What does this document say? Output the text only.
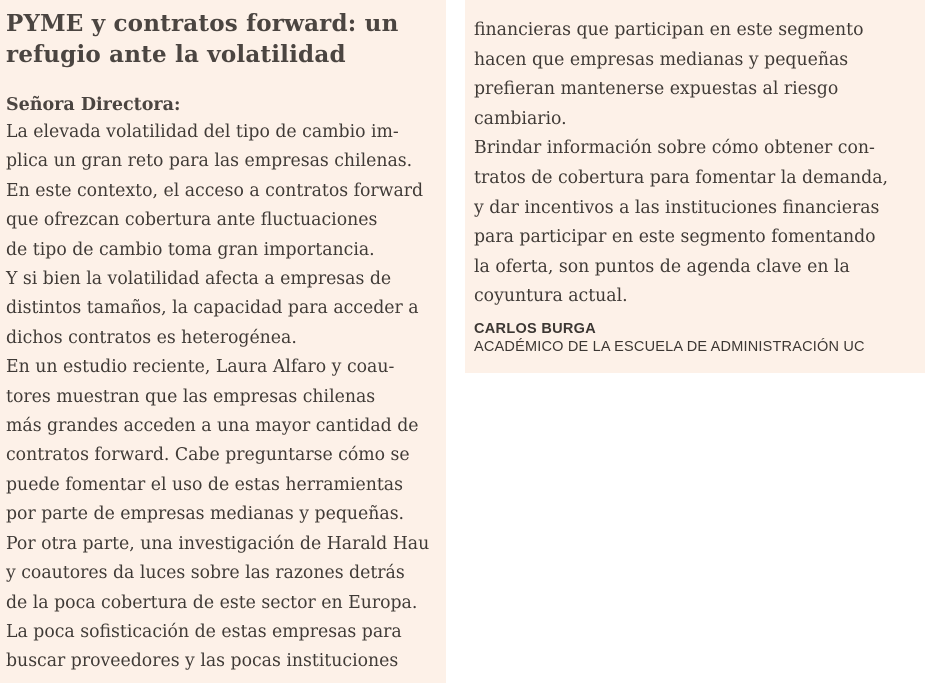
PYME y contratos forward: un
refugio ante la volatilidad
Señora Directora:
La elevada volatilidad del tipo de cambio im-
plica un gran reto para las empresas chilenas.
En este contexto, el acceso a contratos forward
que ofrezcan cobertura ante fluctuaciones
de tipo de cambio toma gran importancia.
Y si bien la volatilidad afecta a empresas de
distintos tamaños, la capacidad para acceder a
dichos contratos es heterogénea.
En un estudio reciente, Laura Alfaro y coau-
tores muestran que las empresas chilenas
más grandes acceden a una mayor cantidad de
contratos forward. Cabe preguntarse cómo se
puede fomentar el uso de estas herramientas
por parte de empresas medianas y pequeñas.
Por otra parte, una investigación de Harald Hau
y coautores da luces sobre las razones detrás
de la poca cobertura de este sector en Europa.
La poca sofisticación de estas empresas para
buscar proveedores y las pocas instituciones
financieras que participan en este segmento
hacen que empresas medianas y pequeñas
prefieran mantenerse expuestas al riesgo
cambiario.
Brindar información sobre cómo obtener con-
tratos de cobertura para fomentar la demanda,
y dar incentivos a las instituciones financieras
para participar en este segmento fomentando
la oferta, son puntos de agenda clave en la
coyuntura actual.
CARLOS BURGA
ACADÉMICO DE LA ESCUELA DE ADMINISTRACIÓN UC
